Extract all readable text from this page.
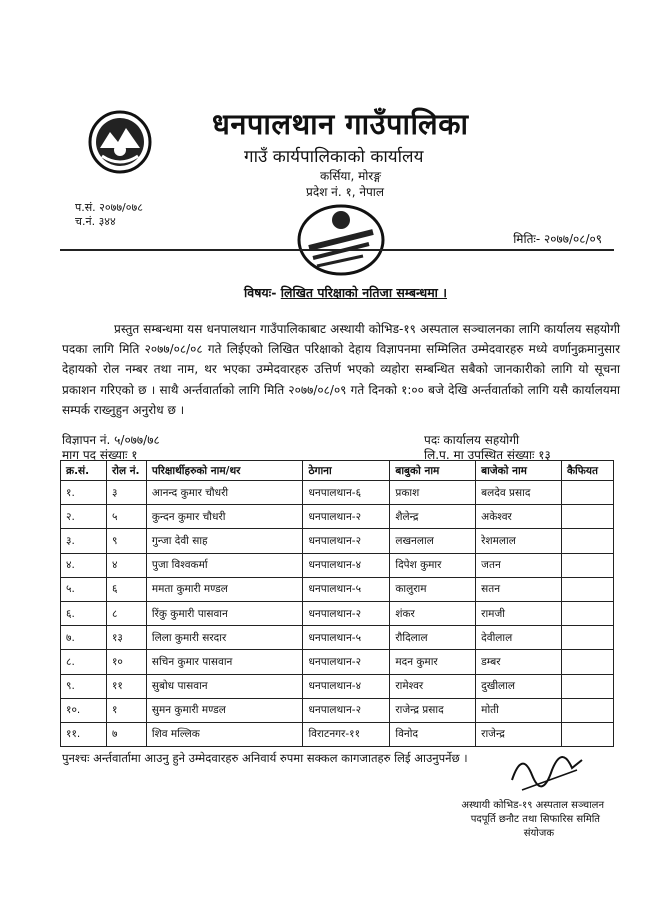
धनपालथान गाउँपालिका
गाउँ कार्यपालिकाको कार्यालय
कर्सिया, मोरङ्ग
प्रदेश नं. १, नेपाल
प.सं. २०७७/०७८
च.नं. ३४४
मितिः- २०७७/०८/०९
विषयः- लिखित परिक्षाको नतिजा सम्बन्धमा ।
प्रस्तुत सम्बन्धमा यस धनपालथान गाउँपालिकाबाट अस्थायी कोभिड-१९ अस्पताल सञ्चालनका लागि कार्यालय सहयोगी पदका लागि मिति २०७७/०८/०८ गते लिईएको लिखित परिक्षाको देहाय विज्ञापनमा सम्मिलित उम्मेदवारहरु मध्ये वर्णानुक्रमानुसार देहायको रोल नम्बर तथा नाम, थर भएका उम्मेदवारहरु उत्तिर्ण भएको व्यहोरा सम्बन्धित सबैको जानकारीको लागि यो सूचना प्रकाशन गरिएको छ । साथै अर्न्तवार्ताको लागि मिति २०७७/०८/०९ गते दिनको १:०० बजे देखि अर्न्तवार्ताको लागि यसै कार्यालयमा सम्पर्क राख्नुहुन अनुरोध छ ।
विज्ञापन नं. ५/०७७/७८	पदः कार्यालय सहयोगी
माग पद संख्याः १	लि.प. मा उपस्थित संख्याः १३
क्र.सं.	रोल नं.	परिक्षार्थीहरुको नाम/थर	ठेगाना	बाबुको नाम	बाजेको नाम	कैफियत
१.	३	आनन्द कुमार चौधरी	धनपालथान-६	प्रकाश	बलदेव प्रसाद	
२.	५	कुन्दन कुमार चौधरी	धनपालथान-२	शैलेन्द्र	अकेश्वर	
३.	९	गुन्जा देवी साह	धनपालथान-२	लखनलाल	रेशमलाल	
४.	४	पुजा विश्वकर्मा	धनपालथान-४	दिपेश कुमार	जतन	
५.	६	ममता कुमारी मण्डल	धनपालथान-५	कालुराम	सतन	
६.	८	रिंकु कुमारी पासवान	धनपालथान-२	शंकर	रामजी	
७.	१३	लिला कुमारी सरदार	धनपालथान-५	रौदिलाल	देवीलाल	
८.	१०	सचिन कुमार पासवान	धनपालथान-२	मदन कुमार	डम्बर	
९.	११	सुबोध पासवान	धनपालथान-४	रामेश्वर	दुखीलाल	
१०.	१	सुमन कुमारी मण्डल	धनपालथान-२	राजेन्द्र प्रसाद	मोती	
११.	७	शिव मल्लिक	विराटनगर-११	विनोद	राजेन्द्र	
पुनश्चः अर्न्तवार्तामा आउनु हुने उम्मेदवारहरु अनिवार्य रुपमा सक्कल कागजातहरु लिई आउनुपर्नेछ ।
अस्थायी कोभिड-१९ अस्पताल सञ्चालन
पदपूर्ति छनौट तथा सिफारिस समिति
संयोजक
